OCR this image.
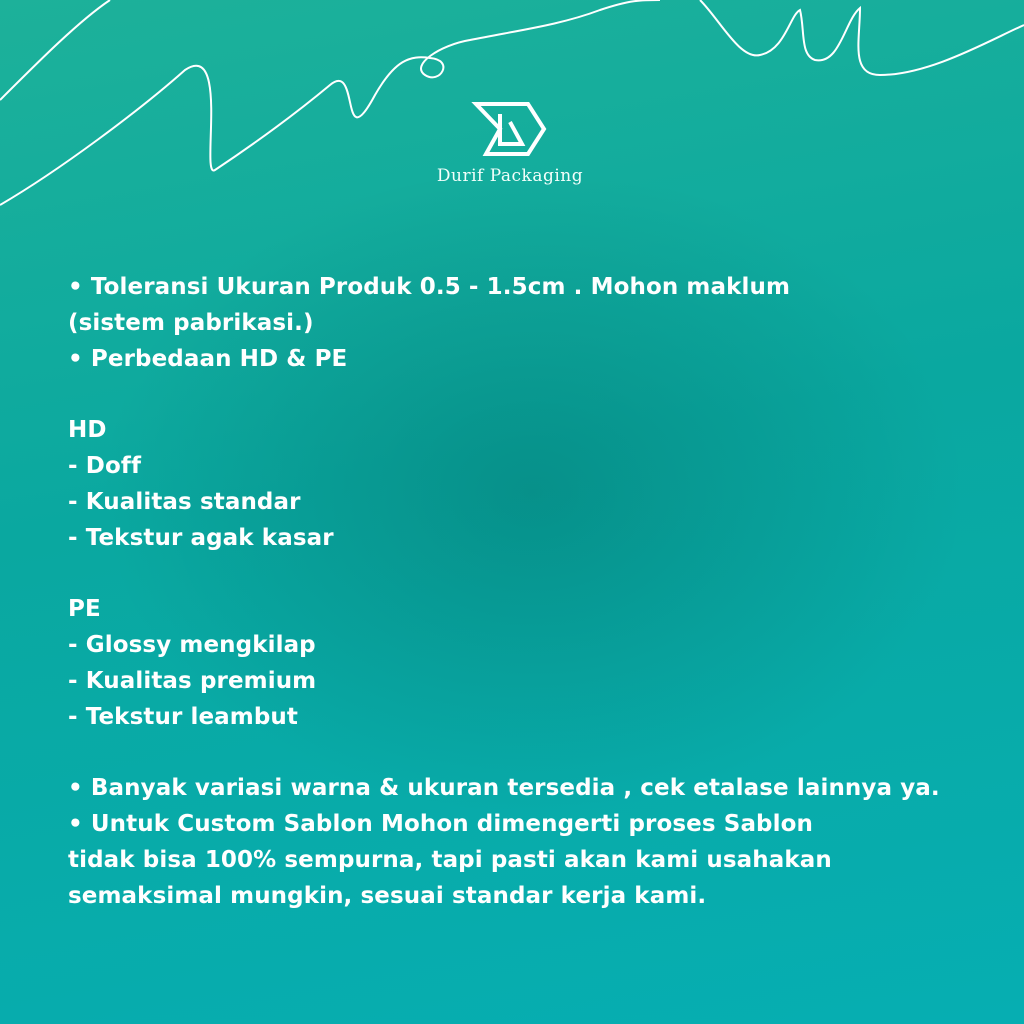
Durif Packaging
• Toleransi Ukuran Produk 0.5 - 1.5cm . Mohon maklum
(sistem pabrikasi.)
• Perbedaan HD & PE
HD
- Doff
- Kualitas standar
- Tekstur agak kasar
PE
- Glossy mengkilap
- Kualitas premium
- Tekstur leambut
• Banyak variasi warna & ukuran tersedia , cek etalase lainnya ya.
• Untuk Custom Sablon Mohon dimengerti proses Sablon
tidak bisa 100% sempurna, tapi pasti akan kami usahakan
semaksimal mungkin, sesuai standar kerja kami.
